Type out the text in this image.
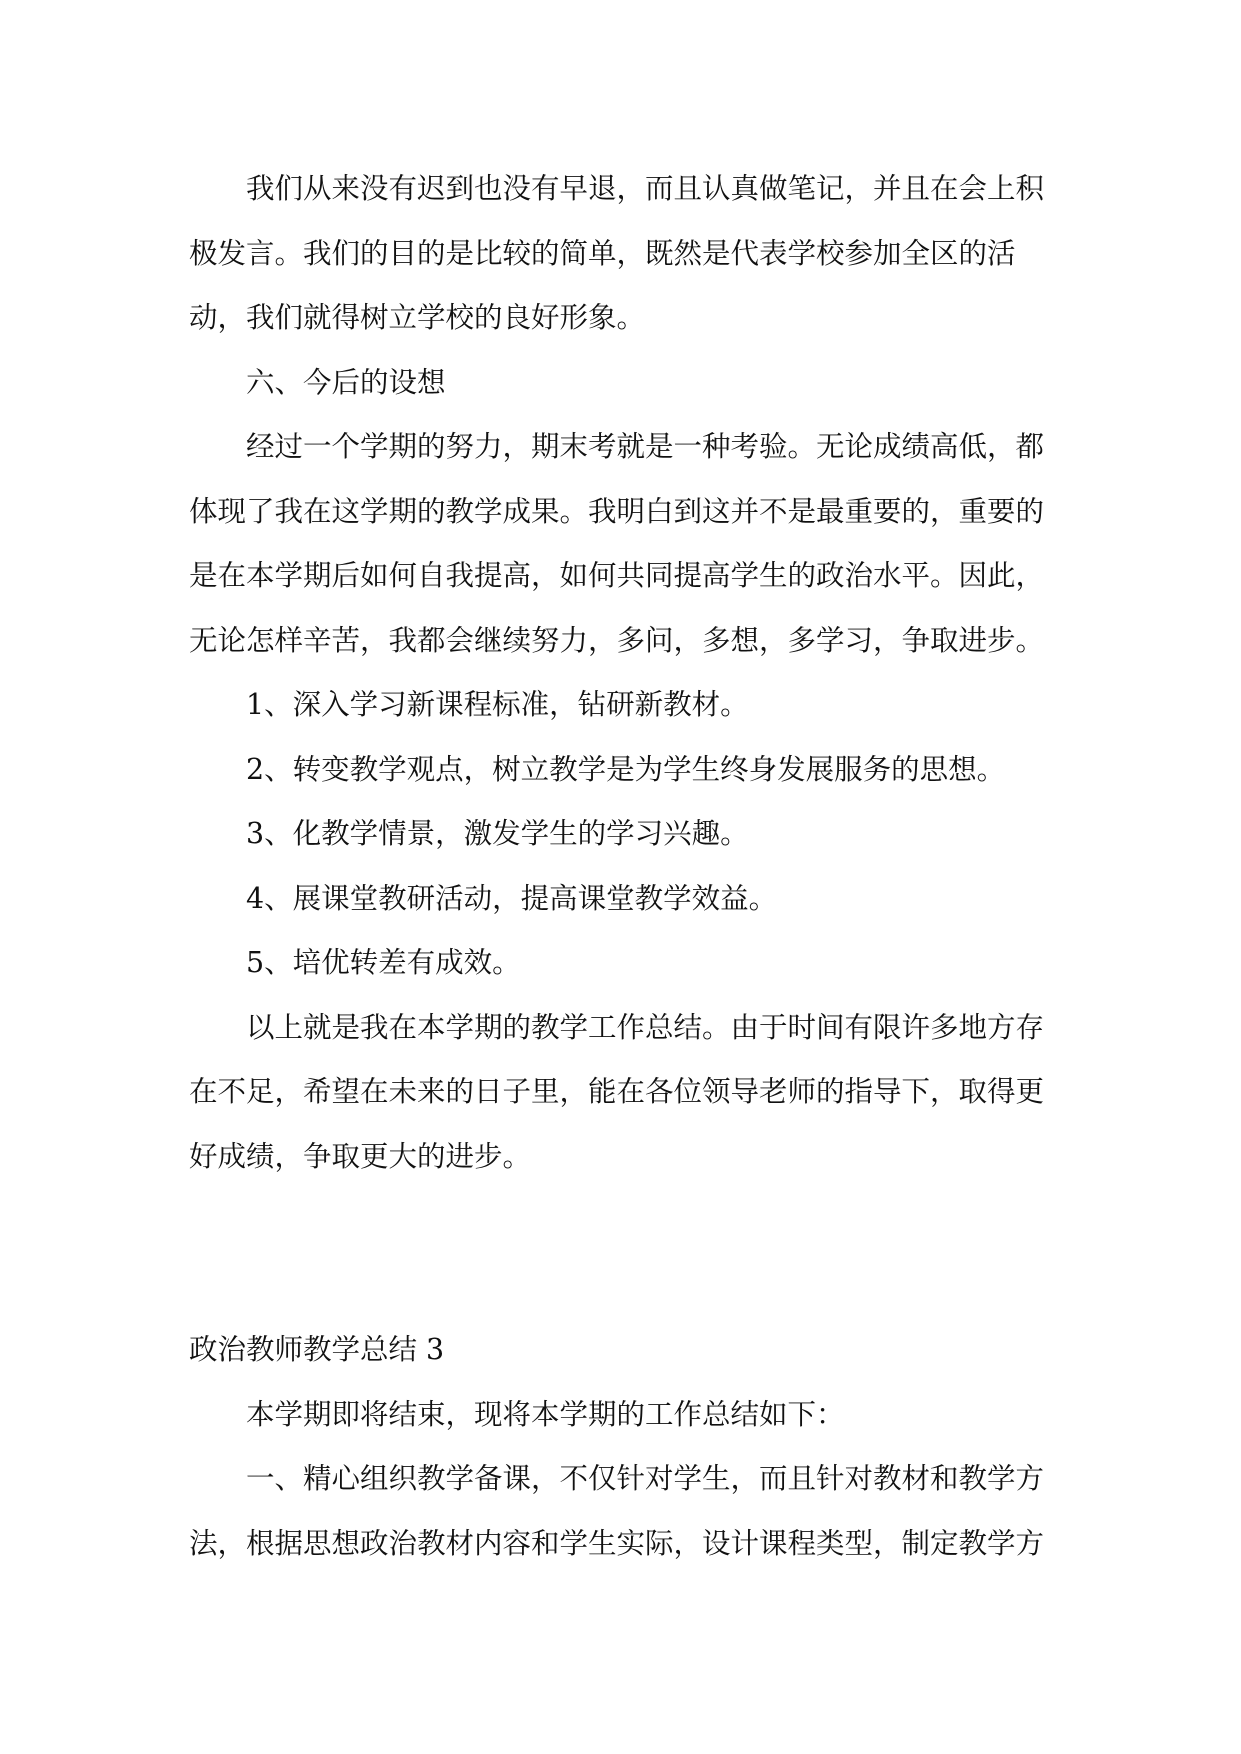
我们从来没有迟到也没有早退，而且认真做笔记，并且在会上积极发言。我们的目的是比较的简单，既然是代表学校参加全区的活动，我们就得树立学校的良好形象。

六、今后的设想

经过一个学期的努力，期末考就是一种考验。无论成绩高低，都体现了我在这学期的教学成果。我明白到这并不是最重要的，重要的是在本学期后如何自我提高，如何共同提高学生的政治水平。因此，无论怎样辛苦，我都会继续努力，多问，多想，多学习，争取进步。

1、深入学习新课程标准，钻研新教材。

2、转变教学观点，树立教学是为学生终身发展服务的思想。

3、化教学情景，激发学生的学习兴趣。

4、展课堂教研活动，提高课堂教学效益。

5、培优转差有成效。

以上就是我在本学期的教学工作总结。由于时间有限许多地方存在不足，希望在未来的日子里，能在各位领导老师的指导下，取得更好成绩，争取更大的进步。

政治教师教学总结 3

本学期即将结束，现将本学期的工作总结如下：

一、精心组织教学备课，不仅针对学生，而且针对教材和教学方法，根据思想政治教材内容和学生实际，设计课程类型，制定教学方
